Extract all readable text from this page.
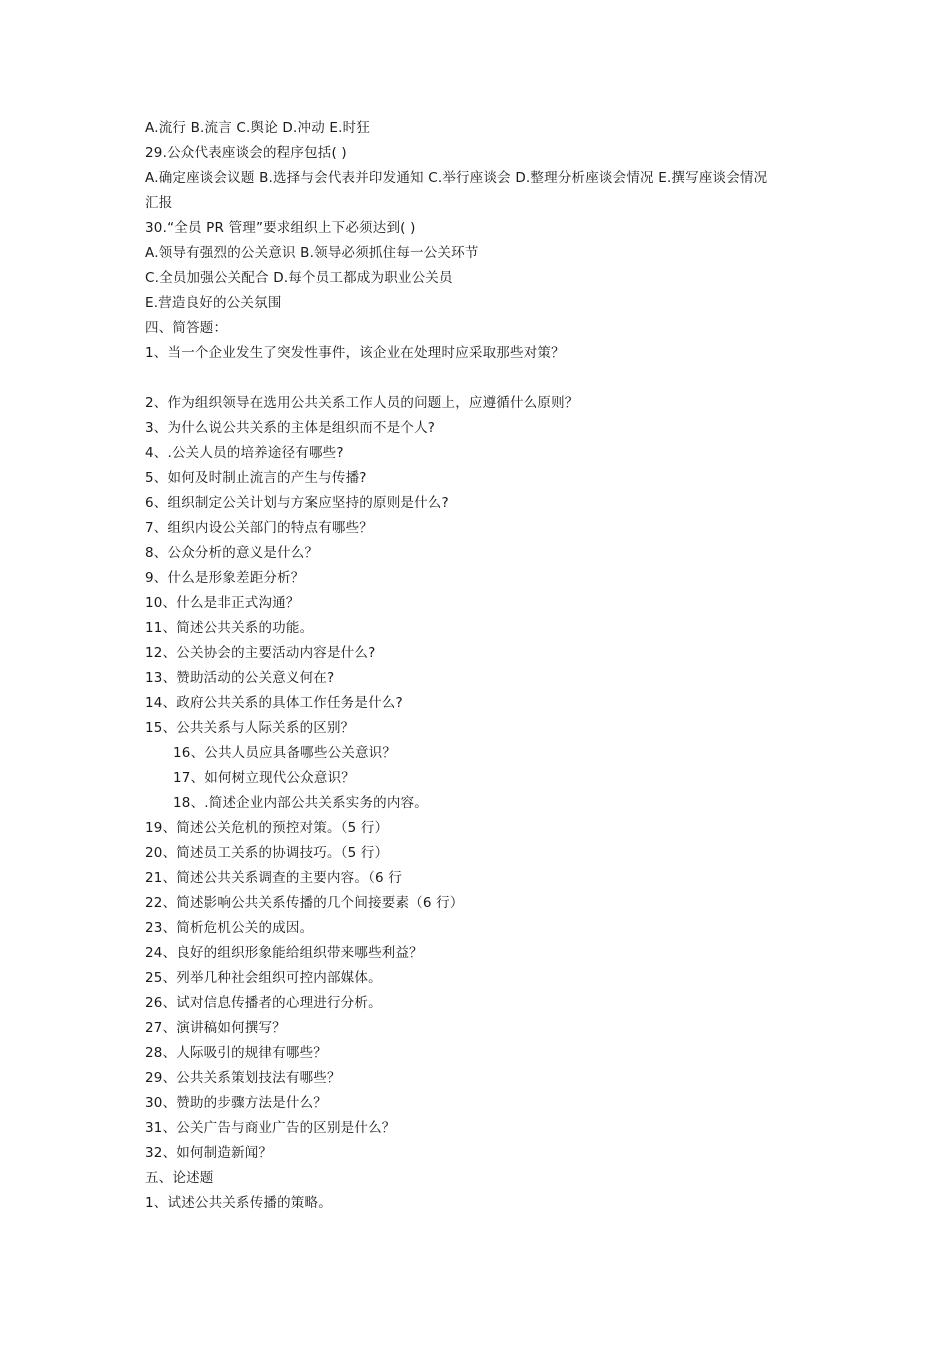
A.流行 B.流言 C.舆论 D.冲动 E.时狂
29.公众代表座谈会的程序包括( )
A.确定座谈会议题 B.选择与会代表并印发通知 C.举行座谈会 D.整理分析座谈会情况 E.撰写座谈会情况
汇报
30.“全员 PR 管理”要求组织上下必须达到( )
A.领导有强烈的公关意识 B.领导必须抓住每一公关环节
C.全员加强公关配合 D.每个员工都成为职业公关员
E.营造良好的公关氛围
四、简答题：
1、当一个企业发生了突发性事件，该企业在处理时应采取那些对策？
2、作为组织领导在选用公共关系工作人员的问题上，应遵循什么原则？
3、为什么说公共关系的主体是组织而不是个人?
4、.公关人员的培养途径有哪些?
5、如何及时制止流言的产生与传播?
6、组织制定公关计划与方案应坚持的原则是什么?
7、组织内设公关部门的特点有哪些？
8、公众分析的意义是什么？
9、什么是形象差距分析？
10、什么是非正式沟通？
11、简述公共关系的功能。
12、公关协会的主要活动内容是什么?
13、赞助活动的公关意义何在?
14、政府公共关系的具体工作任务是什么?
15、公共关系与人际关系的区别？
16、公共人员应具备哪些公关意识？
17、如何树立现代公众意识？
18、.简述企业内部公共关系实务的内容。
19、简述公关危机的预控对策。（5 行）
20、简述员工关系的协调技巧。（5 行）
21、简述公共关系调查的主要内容。（6 行
22、简述影响公共关系传播的几个间接要素（6 行）
23、简析危机公关的成因。
24、良好的组织形象能给组织带来哪些利益？
25、列举几种社会组织可控内部媒体。
26、试对信息传播者的心理进行分析。
27、演讲稿如何撰写？
28、人际吸引的规律有哪些？
29、公共关系策划技法有哪些？
30、赞助的步骤方法是什么？
31、公关广告与商业广告的区别是什么？
32、如何制造新闻？
五、论述题
1、试述公共关系传播的策略。
